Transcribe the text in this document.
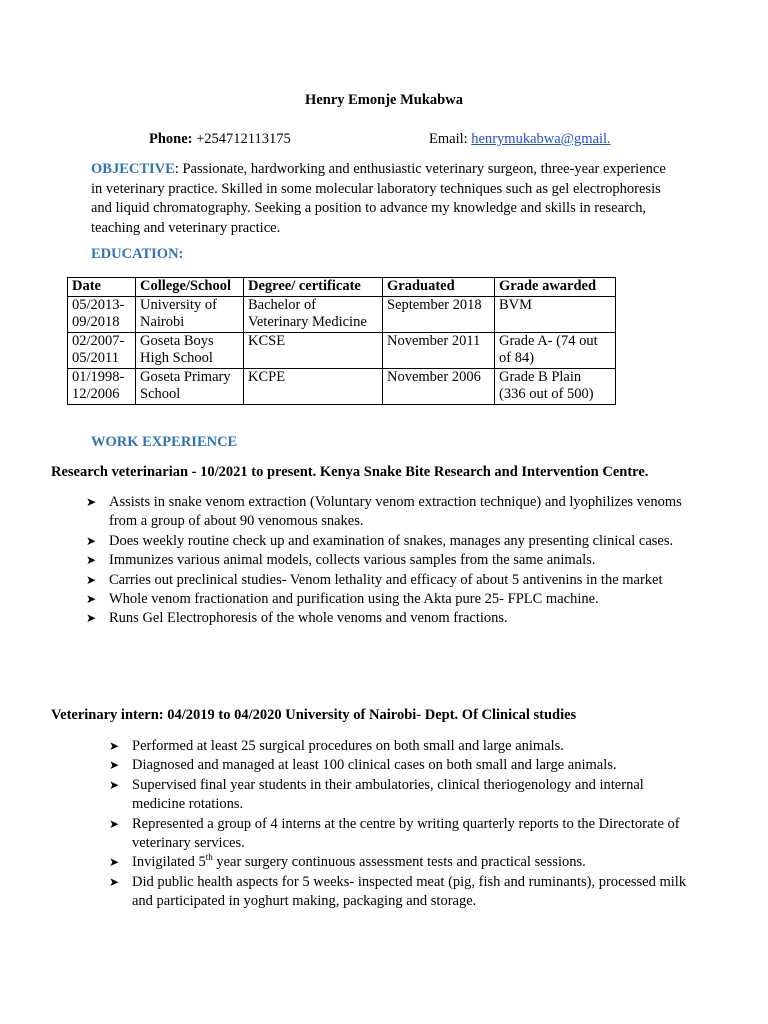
Henry Emonje Mukabwa
Phone: +254712113175	Email: henrymukabwa@gmail.
OBJECTIVE: Passionate, hardworking and enthusiastic veterinary surgeon, three-year experience in veterinary practice. Skilled in some molecular laboratory techniques such as gel electrophoresis and liquid chromatography. Seeking a position to advance my knowledge and skills in research, teaching and veterinary practice.
EDUCATION:
Date	College/School	Degree/ certificate	Graduated	Grade awarded
05/2013-09/2018	University of Nairobi	Bachelor of Veterinary Medicine	September 2018	BVM
02/2007-05/2011	Goseta Boys High School	KCSE	November 2011	Grade A- (74 out of 84)
01/1998-12/2006	Goseta Primary School	KCPE	November 2006	Grade B Plain (336 out of 500)
WORK EXPERIENCE
Research veterinarian - 10/2021 to present. Kenya Snake Bite Research and Intervention Centre.
➤ Assists in snake venom extraction (Voluntary venom extraction technique) and lyophilizes venoms from a group of about 90 venomous snakes.
➤ Does weekly routine check up and examination of snakes, manages any presenting clinical cases.
➤ Immunizes various animal models, collects various samples from the same animals.
➤ Carries out preclinical studies- Venom lethality and efficacy of about 5 antivenins in the market
➤ Whole venom fractionation and purification using the Akta pure 25- FPLC machine.
➤ Runs Gel Electrophoresis of the whole venoms and venom fractions.
Veterinary intern: 04/2019 to 04/2020 University of Nairobi- Dept. Of Clinical studies
➤ Performed at least 25 surgical procedures on both small and large animals.
➤ Diagnosed and managed at least 100 clinical cases on both small and large animals.
➤ Supervised final year students in their ambulatories, clinical theriogenology and internal medicine rotations.
➤ Represented a group of 4 interns at the centre by writing quarterly reports to the Directorate of veterinary services.
➤ Invigilated 5th year surgery continuous assessment tests and practical sessions.
➤ Did public health aspects for 5 weeks- inspected meat (pig, fish and ruminants), processed milk and participated in yoghurt making, packaging and storage.
